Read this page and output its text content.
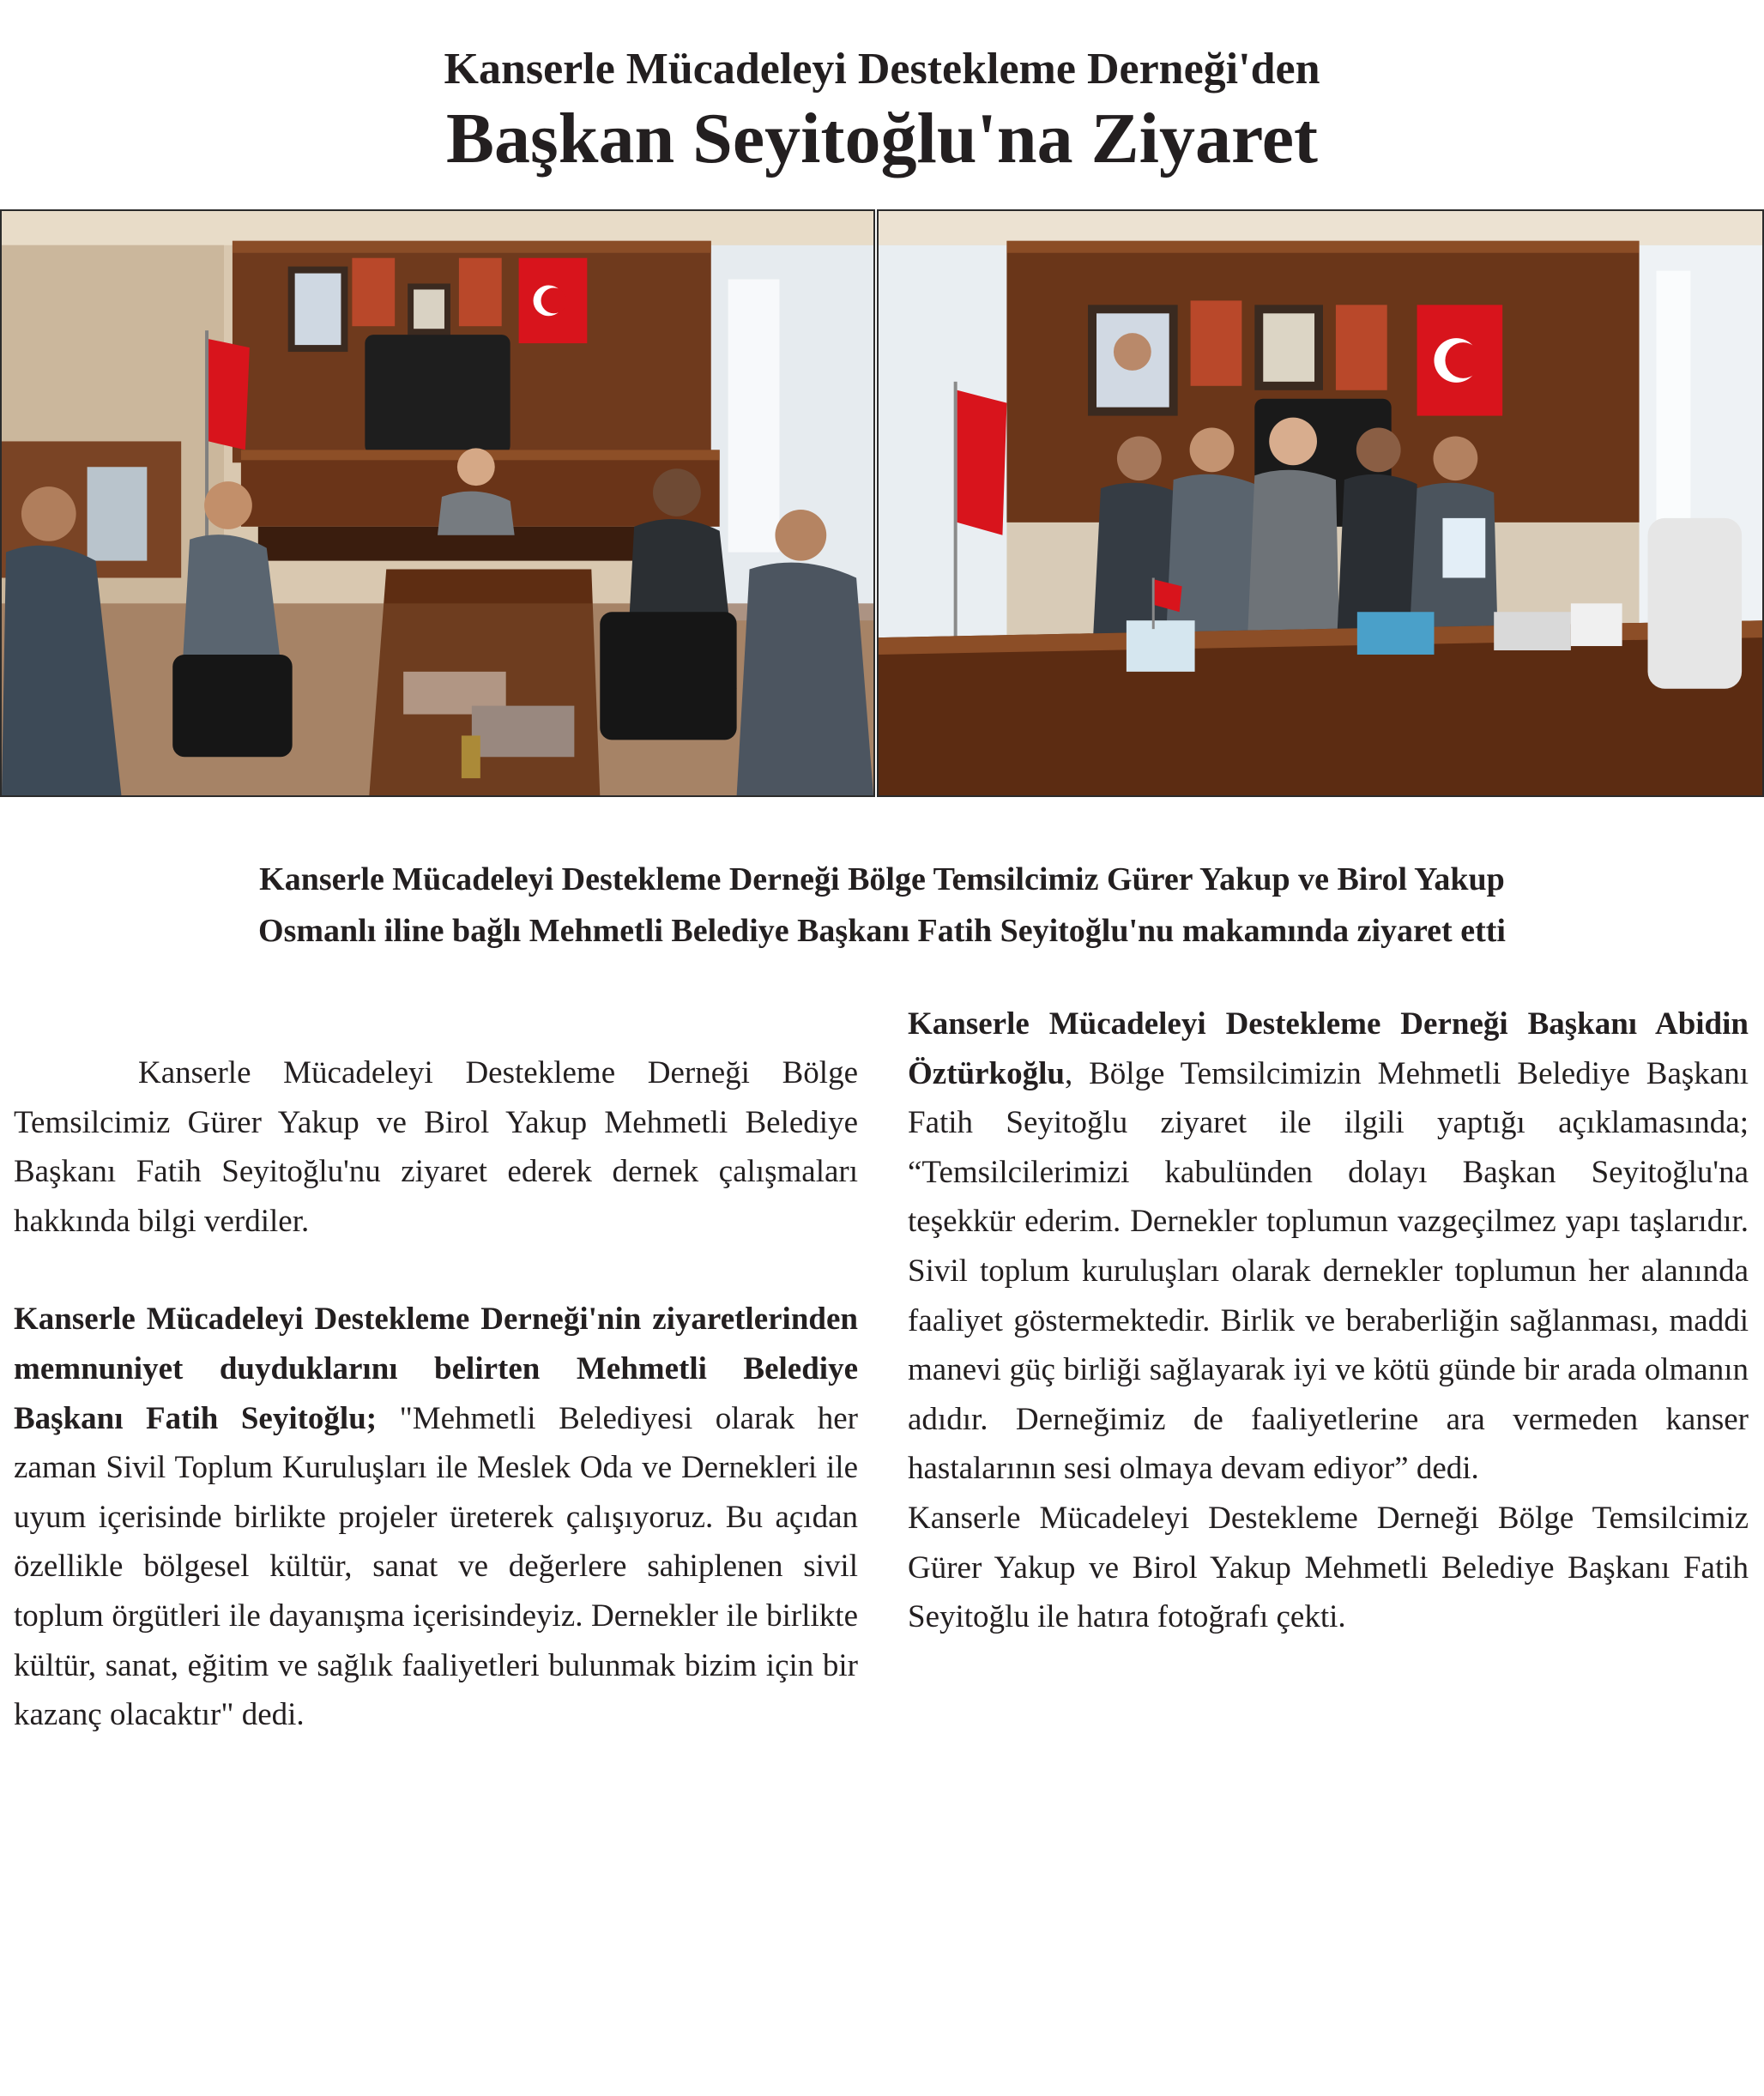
Kanserle Mücadeleyi Destekleme Derneği'den
Başkan Seyitoğlu'na Ziyaret
Kanserle Mücadeleyi Destekleme Derneği Bölge Temsilcimiz Gürer Yakup ve Birol Yakup
Osmanlı iline bağlı Mehmetli Belediye Başkanı Fatih Seyitoğlu'nu makamında ziyaret etti

Kanserle Mücadeleyi Destekleme Derneği Bölge Temsilcimiz Gürer Yakup ve Birol Yakup Mehmetli Belediye Başkanı Fatih Seyitoğlu'nu ziyaret ederek dernek çalışmaları hakkında bilgi verdiler.

Kanserle Mücadeleyi Destekleme Derneği'nin ziyaretlerinden memnuniyet duyduklarını belirten Mehmetli Belediye Başkanı Fatih Seyitoğlu; "Mehmetli Belediyesi olarak her zaman Sivil Toplum Kuruluşları ile Meslek Oda ve Dernekleri ile uyum içerisinde birlikte projeler üreterek çalışıyoruz. Bu açıdan özellikle bölgesel kültür, sanat ve değerlere sahiplenen sivil toplum örgütleri ile dayanışma içerisindeyiz. Dernekler ile birlikte kültür, sanat, eğitim ve sağlık faaliyetleri bulunmak bizim için bir kazanç olacaktır" dedi.

Kanserle Mücadeleyi Destekleme Derneği Başkanı Abidin Öztürkoğlu, Bölge Temsilcimizin Mehmetli Belediye Başkanı Fatih Seyitoğlu ziyaret ile ilgili yaptığı açıklamasında; “Temsilcilerimizi kabulünden dolayı Başkan Seyitoğlu'na teşekkür ederim. Dernekler toplumun vazgeçilmez yapı taşlarıdır. Sivil toplum kuruluşları olarak dernekler toplumun her alanında faaliyet göstermektedir. Birlik ve beraberliğin sağlanması, maddi manevi güç birliği sağlayarak iyi ve kötü günde bir arada olmanın adıdır. Derneğimiz de faaliyetlerine ara vermeden kanser hastalarının sesi olmaya devam ediyor” dedi.

Kanserle Mücadeleyi Destekleme Derneği Bölge Temsilcimiz Gürer Yakup ve Birol Yakup Mehmetli Belediye Başkanı Fatih Seyitoğlu ile hatıra fotoğrafı çekti.
